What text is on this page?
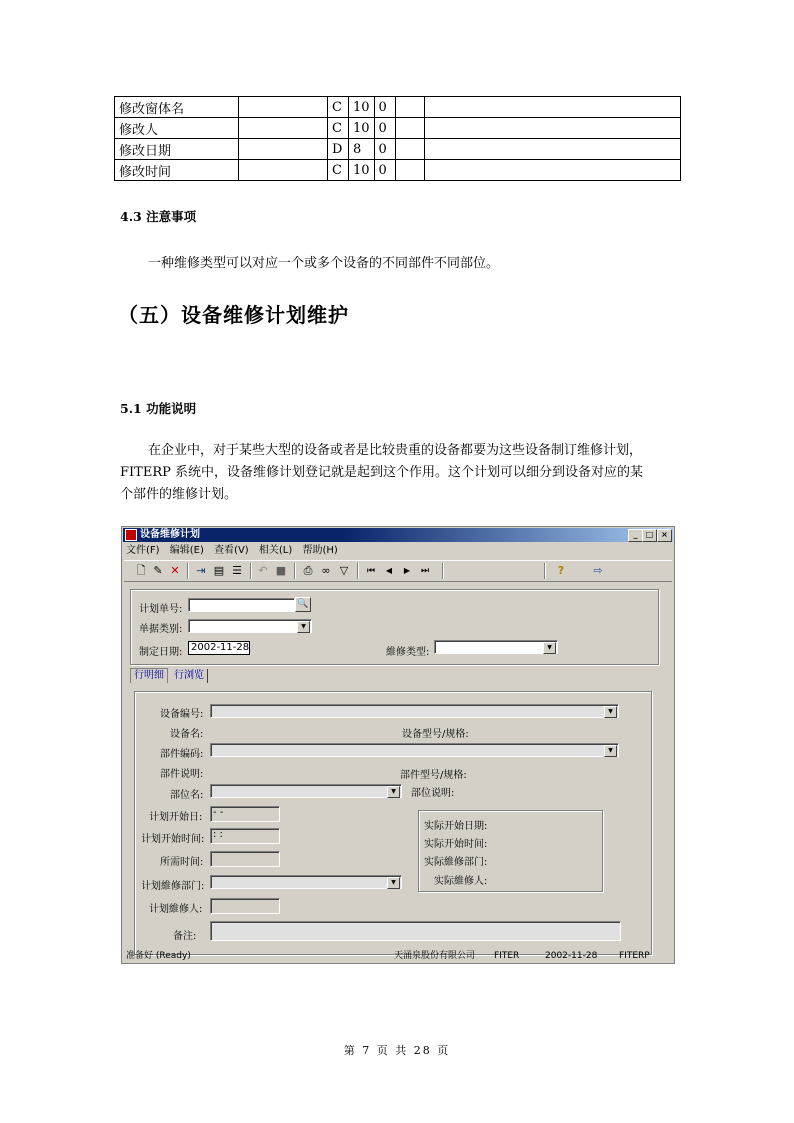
修改窗体名		C	10	0		
修改人		C	10	0		
修改日期		D	8	0		
修改时间		C	10	0		
4.3 注意事项
一种维修类型可以对应一个或多个设备的不同部件不同部位。
（五）设备维修计划维护
5.1 功能说明
在企业中，对于某些大型的设备或者是比较贵重的设备都要为这些设备制订维修计划，
FITERP 系统中，设备维修计划登记就是起到这个作用。这个计划可以细分到设备对应的某
个部件的维修计划。
设备维修计划	_	□ ×
文件(F) 编辑(E) 查看(V) 相关(L) 帮助(H)
🗋 ✎ ✕ ⇥ ▤ ☰ ↶ ■ ⎙ ∞ ▽	⏮	◀	▶	⏭	?	⇨
计划单号:	🔍
单据类别:	▼
制定日期: 2002-11-28	維修类型:	▼
行明细	行浏览
设备编号:	▼
设备名:	设备型号/规格:
部件编码:	▼
部件说明:	部件型号/规格:
部位名:	▼	部位说明:
计划开始日:	- -
计划开始时间: : :
所需时间:
计划維修部门:	▼
计划維修人:
备注:
实际开始日期:
实际开始时间:
实际維修部门:
实际維修人:
准备好 (Ready)	天涌泉股份有限公司 FITER	2002-11-28 FITERP
第 7 页 共 28 页
